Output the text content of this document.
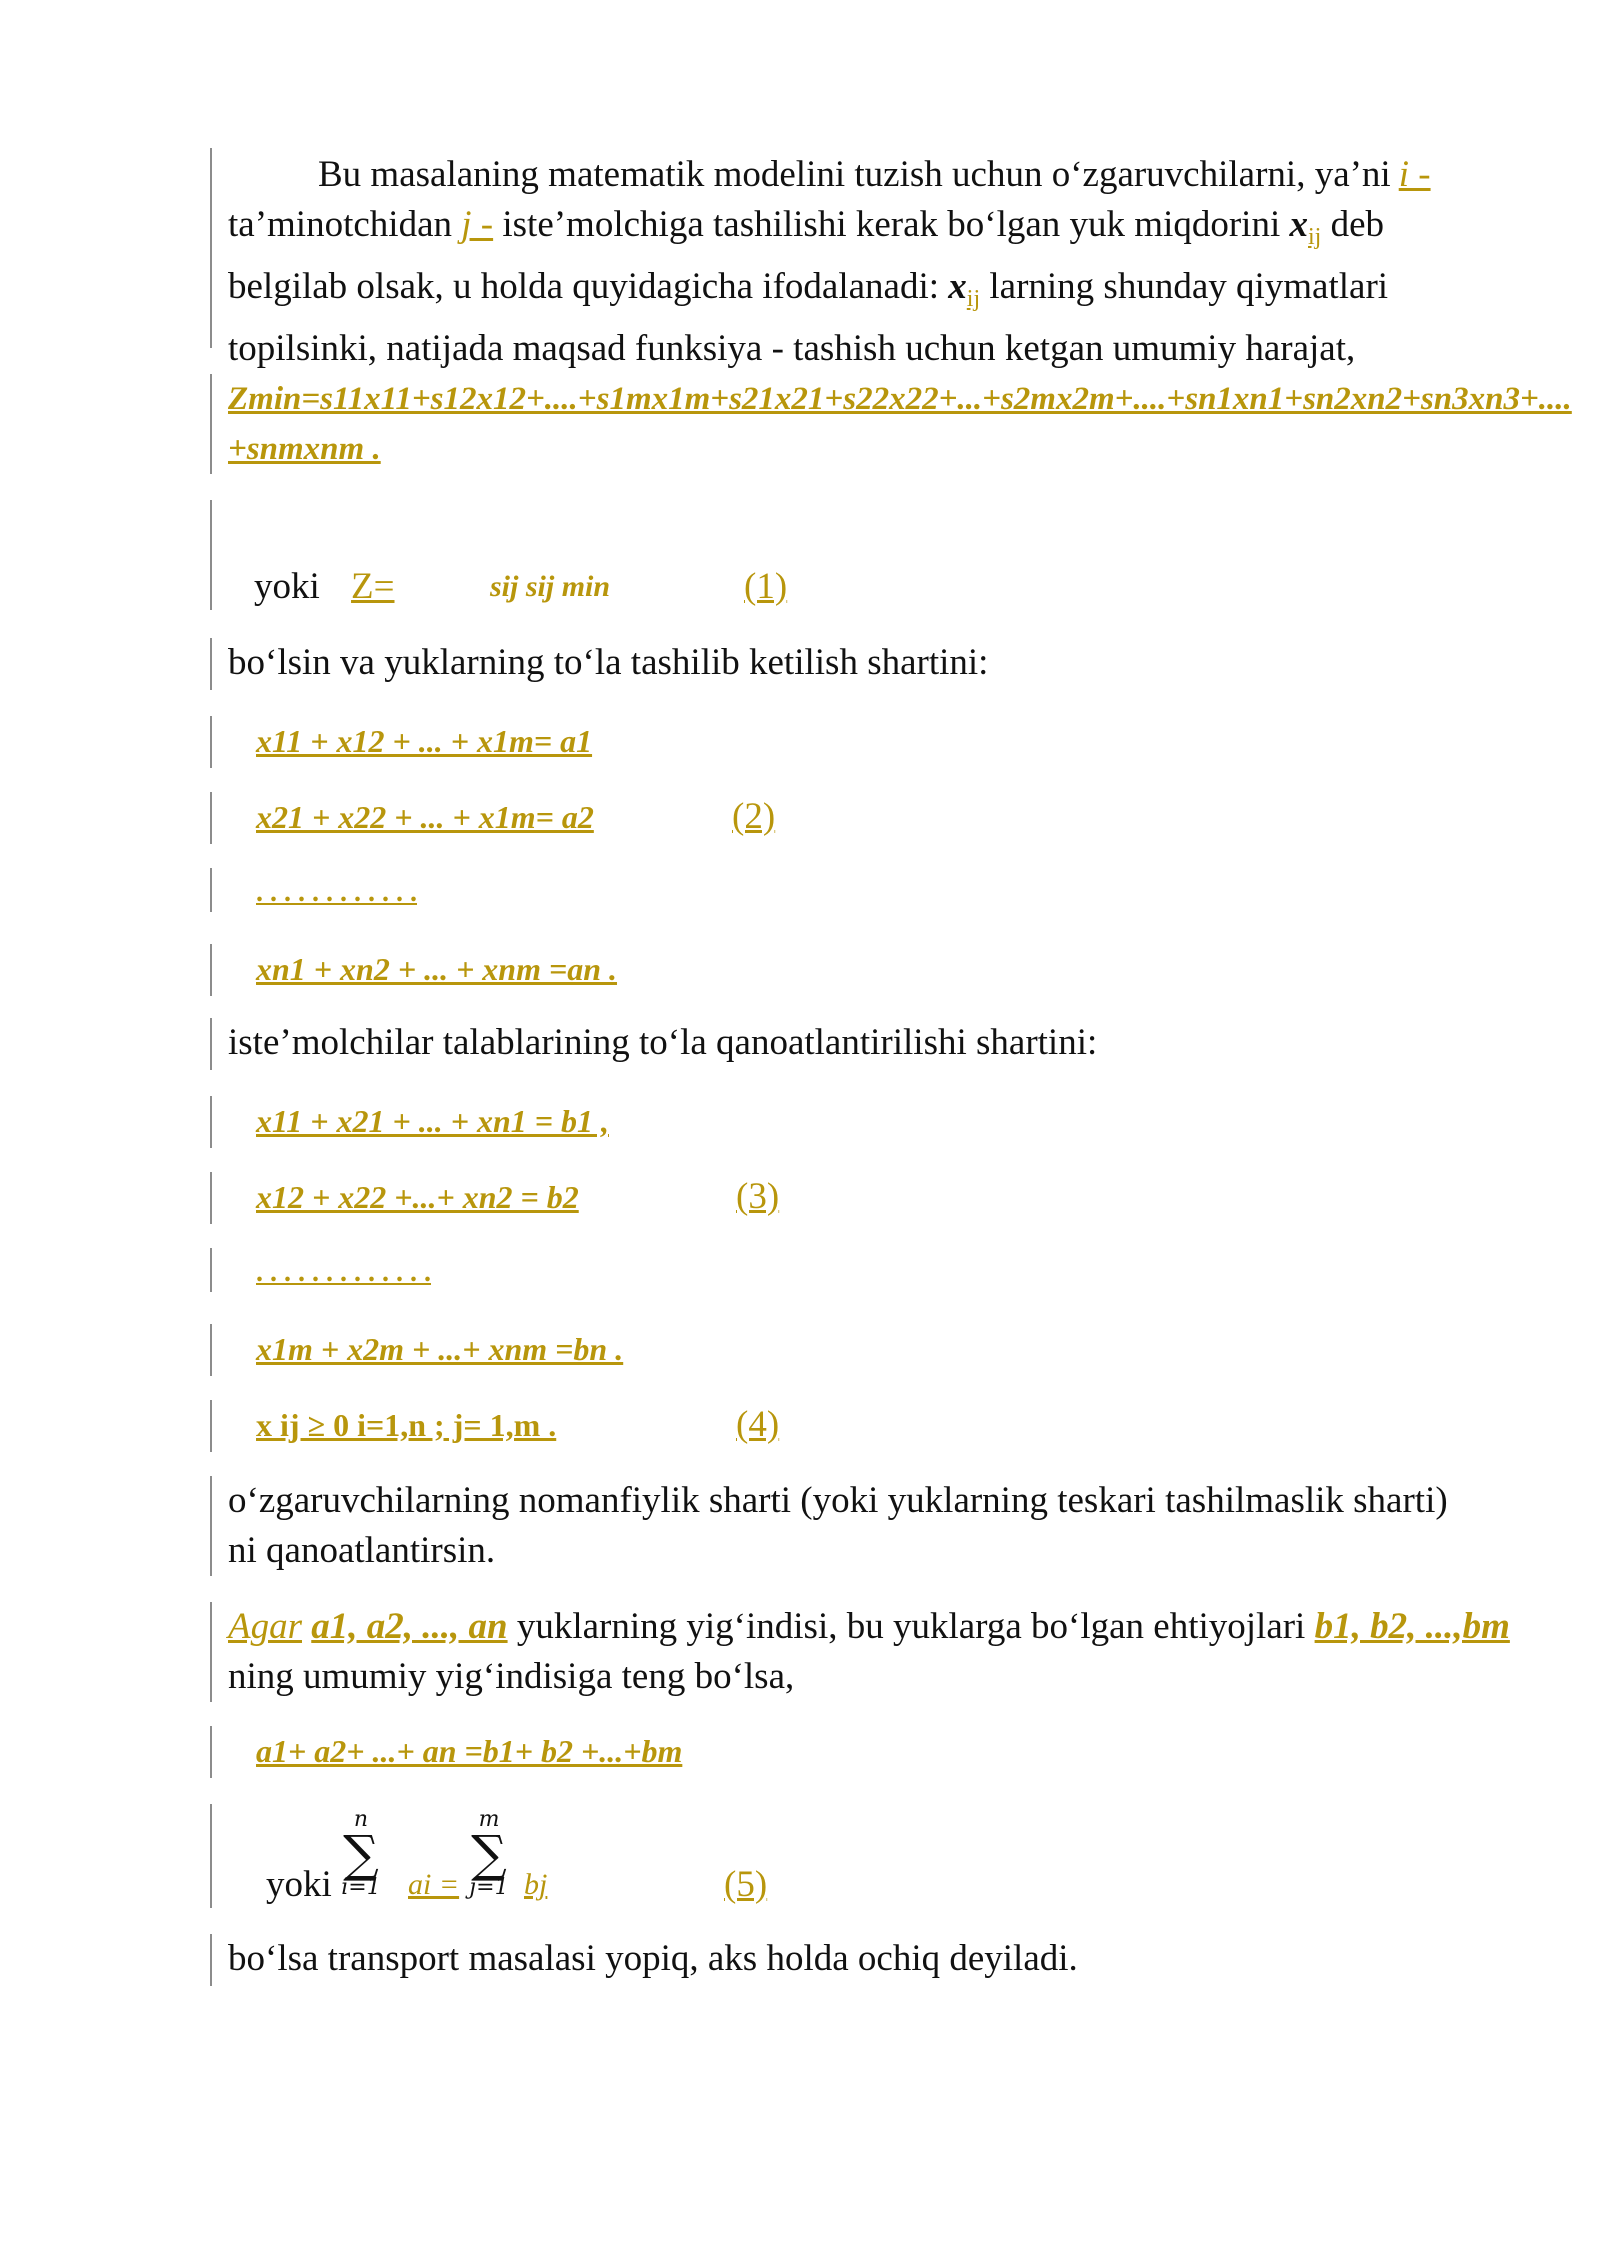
Bu masalaning matematik modelini tuzish uchun o‘zgaruvchilarni, ya’ni i -
ta’minotchidan j - iste’molchiga tashilishi kerak bo‘lgan yuk miqdorini $x_{ij}$ deb
belgilab olsak, u holda quyidagicha ifodalanadi: $x_{ij}$ larning shunday qiymatlari
topilsinki, natijada maqsad funksiya - tashish uchun ketgan umumiy harajat,
Zmin=s11x11+s12x12+....+s1mx1m+s21x21+s22x22+...+s2mx2m+....+sn1xn1+sn2xn2+sn3xn3+....
+snmxnm .
yoki Z=	sij sij min	(1)
bo‘lsin va yuklarning to‘la tashilib ketilish shartini:
x11 + x12 + ... + x1m= a1
x21 + x22 + ... + x1m= a2	(2)
. . . . . . . . . . . .
xn1 + xn2 + ... + xnm =an .
iste’molchilar talablarining to‘la qanoatlantirilishi shartini:
x11 + x21 + ... + xn1 = b1 ,
x12 + x22 +...+ xn2 = b2	(3)
. . . . . . . . . . . . .
x1m + x2m + ...+ xnm =bn .
x ij ≥ 0 i=1,n ; j= 1,m .	(4)
o‘zgaruvchilarning nomanfiylik sharti (yoki yuklarning teskari tashilmaslik sharti)
ni qanoatlantirsin.
Agar a1, a2, ..., an yuklarning yig‘indisi, bu yuklarga bo‘lgan ehtiyojlari b1, b2, ...,bm
ning umumiy yig‘indisiga teng bo‘lsa,
a1+ a2+ ...+ an =b1+ b2 +...+bm
yoki
n
∑
i=1 ai =
m
∑
j=1 bj	(5)
bo‘lsa transport masalasi yopiq, aks holda ochiq deyiladi.
